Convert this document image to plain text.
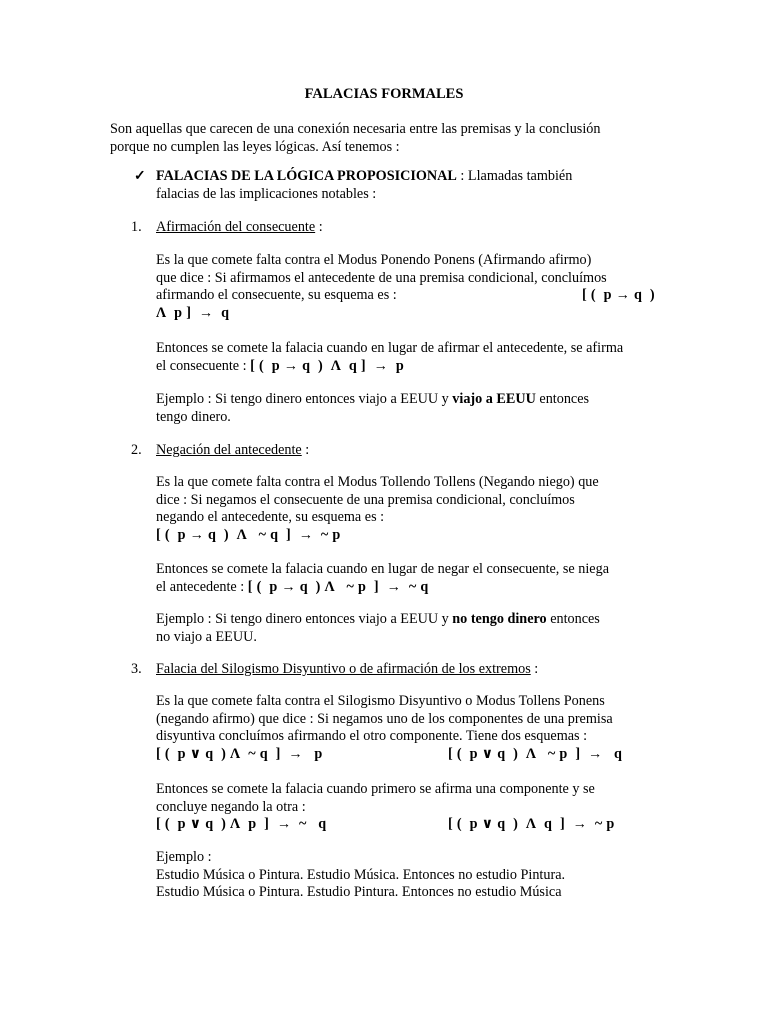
FALACIAS FORMALES
Son aquellas que carecen de una conexión necesaria entre las premisas y la conclusión
porque no cumplen las leyes lógicas. Así tenemos :
✓ FALACIAS DE LA LÓGICA PROPOSICIONAL : Llamadas también
falacias de las implicaciones notables :
1. Afirmación del consecuente :
Es la que comete falta contra el Modus Ponendo Ponens (Afirmando afirmo)
que dice : Si afirmamos el antecedente de una premisa condicional, concluímos
afirmando el consecuente, su esquema es :	[ (  p → q  )
Λ  p ]  →  q
Entonces se comete la falacia cuando en lugar de afirmar el antecedente, se afirma
el consecuente : [ (  p → q  )  Λ  q ]  →  p
Ejemplo : Si tengo dinero entonces viajo a EEUU y viajo a EEUU entonces
tengo dinero.
2. Negación del antecedente :
Es la que comete falta contra el Modus Tollendo Tollens (Negando niego) que
dice : Si negamos el consecuente de una premisa condicional, concluímos
negando el antecedente, su esquema es :
[ (  p → q  )  Λ   ~ q  ]  →  ~ p
Entonces se comete la falacia cuando en lugar de negar el consecuente, se niega
el antecedente : [ (  p → q  ) Λ   ~ p  ]  →  ~ q
Ejemplo : Si tengo dinero entonces viajo a EEUU y no tengo dinero entonces
no viajo a EEUU.
3. Falacia del Silogismo Disyuntivo o de afirmación de los extremos :
Es la que comete falta contra el Silogismo Disyuntivo o Modus Tollens Ponens
(negando afirmo) que dice : Si negamos uno de los componentes de una premisa
disyuntiva concluímos afirmando el otro componente. Tiene dos esquemas :
[ (  p ∨ q  ) Λ  ~ q  ]  →   p	[ (  p ∨ q  )  Λ   ~ p  ]  →   q
Entonces se comete la falacia cuando primero se afirma una componente y se
concluye negando la otra :
[ (  p ∨ q  ) Λ  p  ]  →  ~   q	[ (  p ∨ q  )  Λ  q  ]  →  ~ p
Ejemplo :
Estudio Música o Pintura. Estudio Música. Entonces no estudio Pintura.
Estudio Música o Pintura. Estudio Pintura. Entonces no estudio Música
